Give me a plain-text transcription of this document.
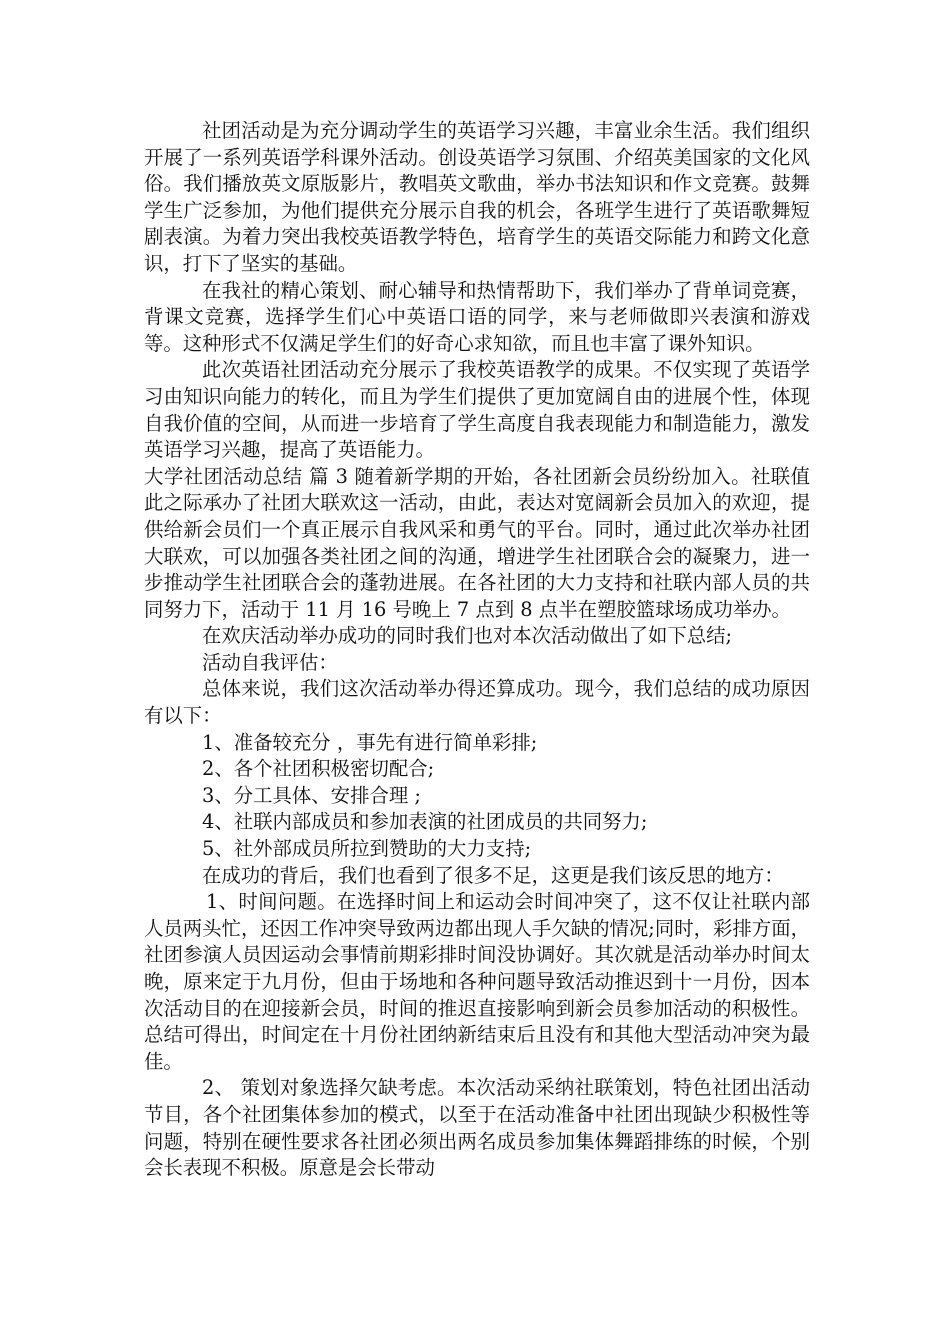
社团活动是为充分调动学生的英语学习兴趣，丰富业余生活。我们组织开展了一系列英语学科课外活动。创设英语学习氛围、介绍英美国家的文化风俗。我们播放英文原版影片，教唱英文歌曲，举办书法知识和作文竞赛。鼓舞学生广泛参加，为他们提供充分展示自我的机会，各班学生进行了英语歌舞短剧表演。为着力突出我校英语教学特色，培育学生的英语交际能力和跨文化意识，打下了坚实的基础。

在我社的精心策划、耐心辅导和热情帮助下，我们举办了背单词竞赛，背课文竞赛，选择学生们心中英语口语的同学，来与老师做即兴表演和游戏等。这种形式不仅满足学生们的好奇心求知欲，而且也丰富了课外知识。

此次英语社团活动充分展示了我校英语教学的成果。不仅实现了英语学习由知识向能力的转化，而且为学生们提供了更加宽阔自由的进展个性，体现自我价值的空间，从而进一步培育了学生高度自我表现能力和制造能力，激发英语学习兴趣，提高了英语能力。

大学社团活动总结 篇 3 随着新学期的开始，各社团新会员纷纷加入。社联值此之际承办了社团大联欢这一活动，由此，表达对宽阔新会员加入的欢迎，提供给新会员们一个真正展示自我风采和勇气的平台。同时，通过此次举办社团大联欢，可以加强各类社团之间的沟通，增进学生社团联合会的凝聚力，进一步推动学生社团联合会的蓬勃进展。在各社团的大力支持和社联内部人员的共同努力下，活动于 11 月 16 号晚上 7 点到 8 点半在塑胶篮球场成功举办。

在欢庆活动举办成功的同时我们也对本次活动做出了如下总结;

活动自我评估：

总体来说，我们这次活动举办得还算成功。现今，我们总结的成功原因有以下：

1、准备较充分 ，事先有进行简单彩排;

2、各个社团积极密切配合;

3、分工具体、安排合理 ;

4、社联内部成员和参加表演的社团成员的共同努力;

5、社外部成员所拉到赞助的大力支持;

在成功的背后，我们也看到了很多不足，这更是我们该反思的地方：

1、时间问题。在选择时间上和运动会时间冲突了，这不仅让社联内部人员两头忙，还因工作冲突导致两边都出现人手欠缺的情况;同时，彩排方面，社团参演人员因运动会事情前期彩排时间没协调好。其次就是活动举办时间太晚，原来定于九月份，但由于场地和各种问题导致活动推迟到十一月份，因本次活动目的在迎接新会员，时间的推迟直接影响到新会员参加活动的积极性。总结可得出，时间定在十月份社团纳新结束后且没有和其他大型活动冲突为最佳。

2、 策划对象选择欠缺考虑。本次活动采纳社联策划，特色社团出活动节目，各个社团集体参加的模式，以至于在活动准备中社团出现缺少积极性等问题，特别在硬性要求各社团必须出两名成员参加集体舞蹈排练的时候，个别会长表现不积极。原意是会长带动
